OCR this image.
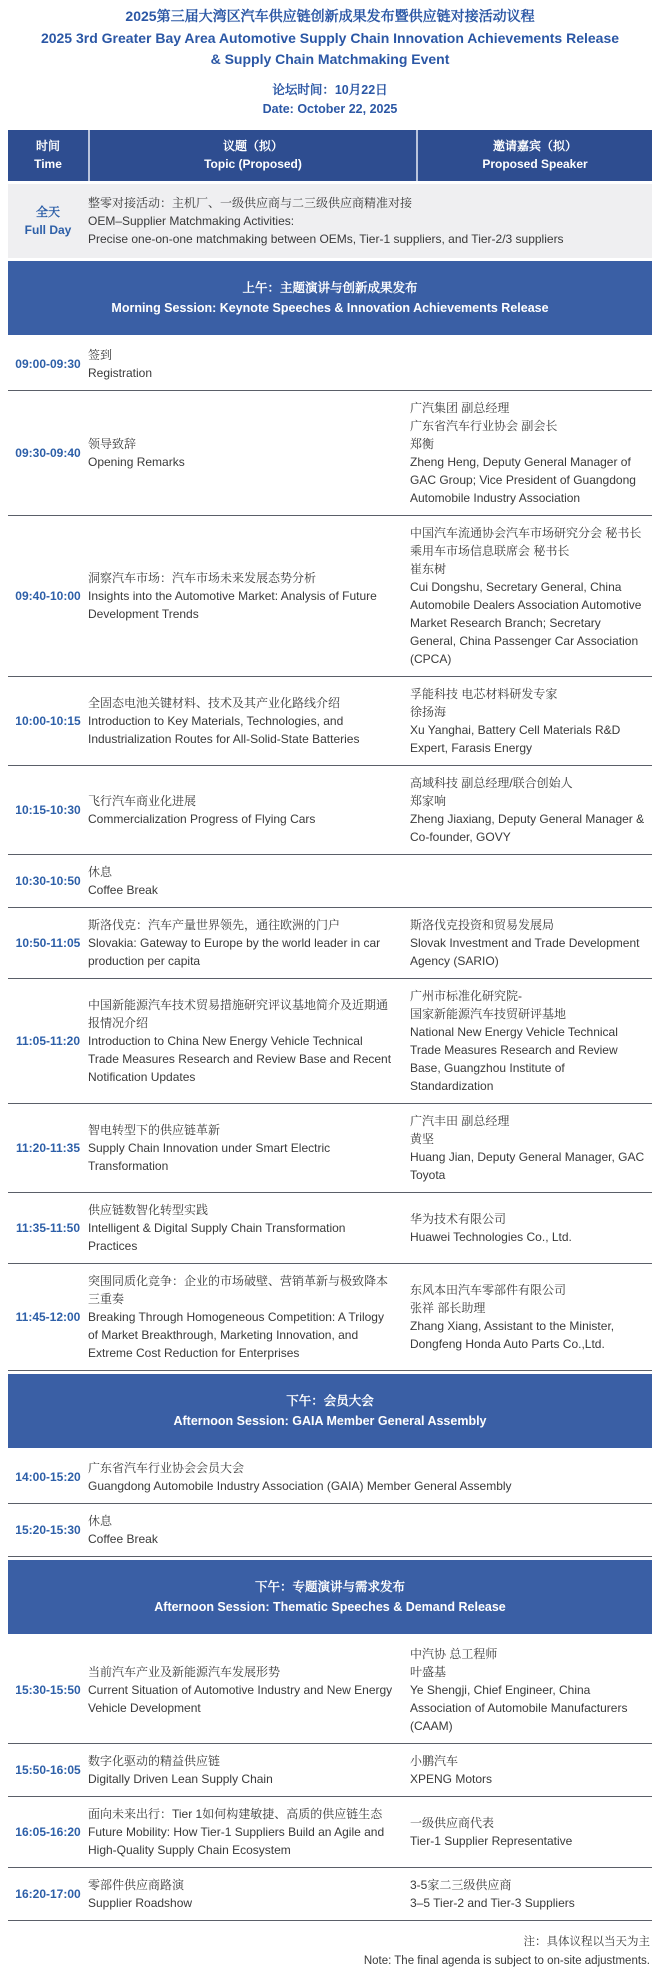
2025第三届大湾区汽车供应链创新成果发布暨供应链对接活动议程
2025 3rd Greater Bay Area Automotive Supply Chain Innovation Achievements Release & Supply Chain Matchmaking Event
论坛时间：10月22日
Date: October 22, 2025
时间
Time
议题（拟）
Topic (Proposed)
邀请嘉宾（拟）
Proposed Speaker
全天
Full Day
整零对接活动：主机厂、一级供应商与二三级供应商精准对接
OEM–Supplier Matchmaking Activities:
Precise one-on-one matchmaking between OEMs, Tier-1 suppliers, and Tier-2/3 suppliers
上午：主题演讲与创新成果发布
Morning Session: Keynote Speeches & Innovation Achievements Release
09:00-09:30
签到
Registration
09:30-09:40
领导致辞
Opening Remarks
广汽集团 副总经理
广东省汽车行业协会 副会长
郑衡
Zheng Heng, Deputy General Manager of GAC Group; Vice President of Guangdong Automobile Industry Association
09:40-10:00
洞察汽车市场：汽车市场未来发展态势分析
Insights into the Automotive Market: Analysis of Future Development Trends
中国汽车流通协会汽车市场研究分会 秘书长
乘用车市场信息联席会 秘书长
崔东树
Cui Dongshu, Secretary General, China Automobile Dealers Association Automotive Market Research Branch; Secretary General, China Passenger Car Association (CPCA)
10:00-10:15
全固态电池关键材料、技术及其产业化路线介绍
Introduction to Key Materials, Technologies, and Industrialization Routes for All-Solid-State Batteries
孚能科技 电芯材料研发专家
徐扬海
Xu Yanghai, Battery Cell Materials R&D Expert, Farasis Energy
10:15-10:30
飞行汽车商业化进展
Commercialization Progress of Flying Cars
高域科技 副总经理/联合创始人
郑家响
Zheng Jiaxiang, Deputy General Manager & Co-founder, GOVY
10:30-10:50
休息
Coffee Break
10:50-11:05
斯洛伐克：汽车产量世界领先，通往欧洲的门户
Slovakia: Gateway to Europe by the world leader in car production per capita
斯洛伐克投资和贸易发展局
Slovak Investment and Trade Development Agency (SARIO)
11:05-11:20
中国新能源汽车技术贸易措施研究评议基地简介及近期通报情况介绍
Introduction to China New Energy Vehicle Technical Trade Measures Research and Review Base and Recent Notification Updates
广州市标准化研究院-
国家新能源汽车技贸研评基地
National New Energy Vehicle Technical Trade Measures Research and Review Base, Guangzhou Institute of Standardization
11:20-11:35
智电转型下的供应链革新
Supply Chain Innovation under Smart Electric Transformation
广汽丰田 副总经理
黄坚
Huang Jian, Deputy General Manager, GAC Toyota
11:35-11:50
供应链数智化转型实践
Intelligent & Digital Supply Chain Transformation Practices
华为技术有限公司
Huawei Technologies Co., Ltd.
11:45-12:00
突围同质化竞争：企业的市场破壁、营销革新与极致降本三重奏
Breaking Through Homogeneous Competition: A Trilogy of Market Breakthrough, Marketing Innovation, and Extreme Cost Reduction for Enterprises
东风本田汽车零部件有限公司
张祥 部长助理
Zhang Xiang, Assistant to the Minister, Dongfeng Honda Auto Parts Co.,Ltd.
下午：会员大会
Afternoon Session: GAIA Member General Assembly
14:00-15:20
广东省汽车行业协会会员大会
Guangdong Automobile Industry Association (GAIA) Member General Assembly
15:20-15:30
休息
Coffee Break
下午：专题演讲与需求发布
Afternoon Session: Thematic Speeches & Demand Release
15:30-15:50
当前汽车产业及新能源汽车发展形势
Current Situation of Automotive Industry and New Energy Vehicle Development
中汽协 总工程师
叶盛基
Ye Shengji, Chief Engineer, China Association of Automobile Manufacturers (CAAM)
15:50-16:05
数字化驱动的精益供应链
Digitally Driven Lean Supply Chain
小鹏汽车
XPENG Motors
16:05-16:20
面向未来出行：Tier 1如何构建敏捷、高质的供应链生态
Future Mobility: How Tier-1 Suppliers Build an Agile and High-Quality Supply Chain Ecosystem
一级供应商代表
Tier-1 Supplier Representative
16:20-17:00
零部件供应商路演
Supplier Roadshow
3-5家二三级供应商
3–5 Tier-2 and Tier-3 Suppliers
注：具体议程以当天为主
Note: The final agenda is subject to on-site adjustments.
